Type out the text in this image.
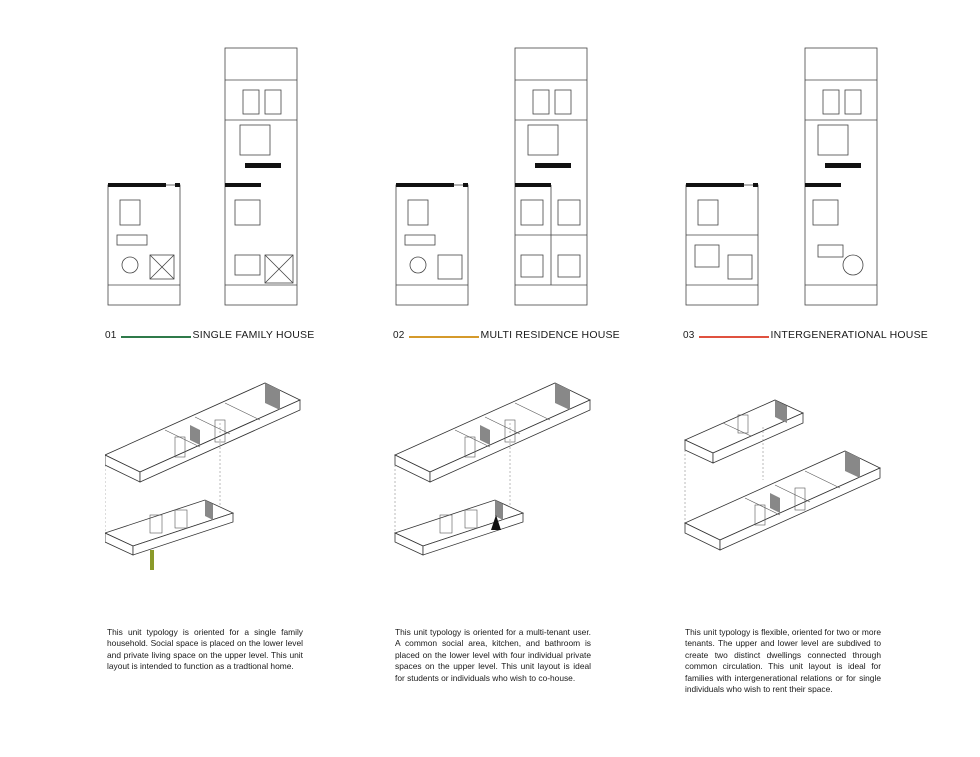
01	SINGLE FAMILY HOUSE

This unit typology is oriented for a single family household. Social space is placed on the lower level and private living space on the upper level. This unit layout is intended to function as a tradtional home.

02	MULTI RESIDENCE HOUSE

This unit typology is oriented for a multi-tenant user. A common social area, kitchen, and bathroom is placed on the lower level with four individual private spaces on the upper level. This unit layout is ideal for students or individuals who wish to co-house.

03	INTERGENERATIONAL HOUSE

This unit typology is flexible, oriented for two or more tenants. The upper and lower level are subdived to create two distinct dwellings connected through common circulation. This unit layout is ideal for families with intergenerational relations or for single individuals who wish to rent their space.
